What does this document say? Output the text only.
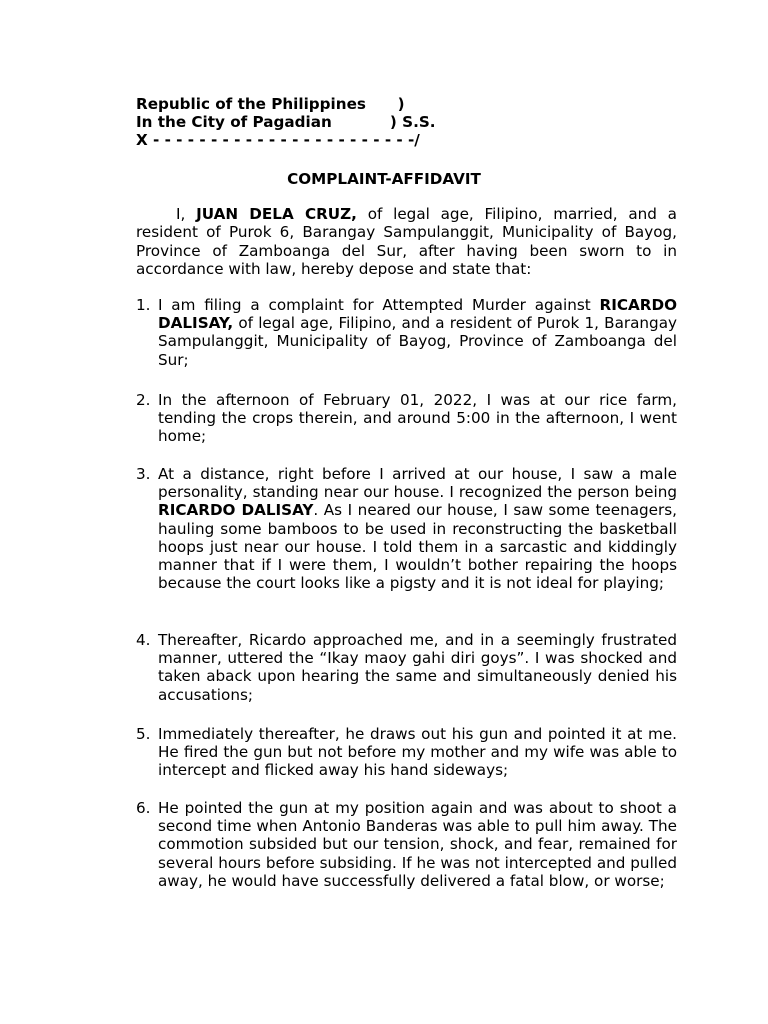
Republic of the Philippines      )
In the City of Pagadian           ) S.S.
X - - - - - - - - - - - - - - - - - - - - - - -/
COMPLAINT-AFFIDAVIT

I, JUAN DELA CRUZ, of legal age, Filipino, married, and a resident of Purok 6, Barangay Sampulanggit, Municipality of Bayog, Province of Zamboanga del Sur, after having been sworn to in accordance with law, hereby depose and state that:

1. I am filing a complaint for Attempted Murder against RICARDO DALISAY, of legal age, Filipino, and a resident of Purok 1, Barangay Sampulanggit, Municipality of Bayog, Province of Zamboanga del Sur;
2. In the afternoon of February 01, 2022, I was at our rice farm, tending the crops therein, and around 5:00 in the afternoon, I went home;
3. At a distance, right before I arrived at our house, I saw a male personality, standing near our house. I recognized the person being RICARDO DALISAY. As I neared our house, I saw some teenagers, hauling some bamboos to be used in reconstructing the basketball hoops just near our house. I told them in a sarcastic and kiddingly manner that if I were them, I wouldn’t bother repairing the hoops because the court looks like a pigsty and it is not ideal for playing;
4. Thereafter, Ricardo approached me, and in a seemingly frustrated manner, uttered the “Ikay maoy gahi diri goys”. I was shocked and taken aback upon hearing the same and simultaneously denied his accusations;
5. Immediately thereafter, he draws out his gun and pointed it at me. He fired the gun but not before my mother and my wife was able to intercept and flicked away his hand sideways;
6. He pointed the gun at my position again and was about to shoot a second time when Antonio Banderas was able to pull him away. The commotion subsided but our tension, shock, and fear, remained for several hours before subsiding. If he was not intercepted and pulled away, he would have successfully delivered a fatal blow, or worse;
